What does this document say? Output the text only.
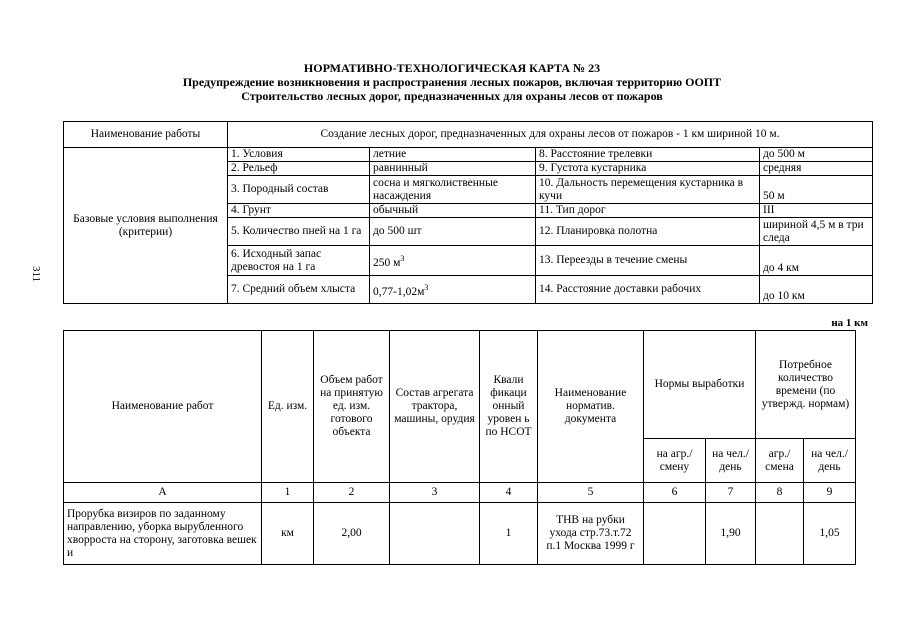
НОРМАТИВНО-ТЕХНОЛОГИЧЕСКАЯ КАРТА № 23
Предупреждение возникновения и распространения лесных пожаров, включая территорию ООПТ
Строительство лесных дорог, предназначенных для охраны лесов от пожаров
311
Наименование работы	Создание лесных дорог, предназначенных для охраны лесов от пожаров - 1 км шириной 10 м.			
Базовые условия выполнения (критерии)	1. Условия	летние	8. Расстояние трелевки	до 500 м
	2. Рельеф	равнинный	9. Густота кустарника	средняя
	3. Породный состав	сосна и мягколиственные насаждения	10. Дальность перемещения кустарника в кучи	50 м
	4. Грунт	обычный	11. Тип дорог	III
	5. Количество пней на 1 га	до 500 шт	12. Планировка полотна	шириной 4,5 м в три следа
	6. Исходный запас древостоя на 1 га	250 $м^3$	13. Переезды в течение смены	до 4 км
	7. Средний объем хлыста	$0,77-1,02м^3$	14. Расстояние доставки рабочих	до 10 км
на 1 км
Наименование работ	Ед. изм.	Объем работ на принятую ед. изм. готового объекта	Состав агрегата трактора, машины, орудия	Квали фикаци онный уровен ь по НСОТ	Наименование норматив. документа	Нормы выработки		Потребное количество времени (по утвержд. нормам)	
						на агр./ смену	на чел./ день	агр./ смена	на чел./ день
А	1	2	3	4	5	6	7	8	9
Прорубка визиров по заданному направлению, уборка вырубленного хворроста на сторону, заготовка вешек и	км	2,00		1	ТНВ на рубки ухода стр.73.т.72 п.1 Москва 1999 г		1,90		1,05
